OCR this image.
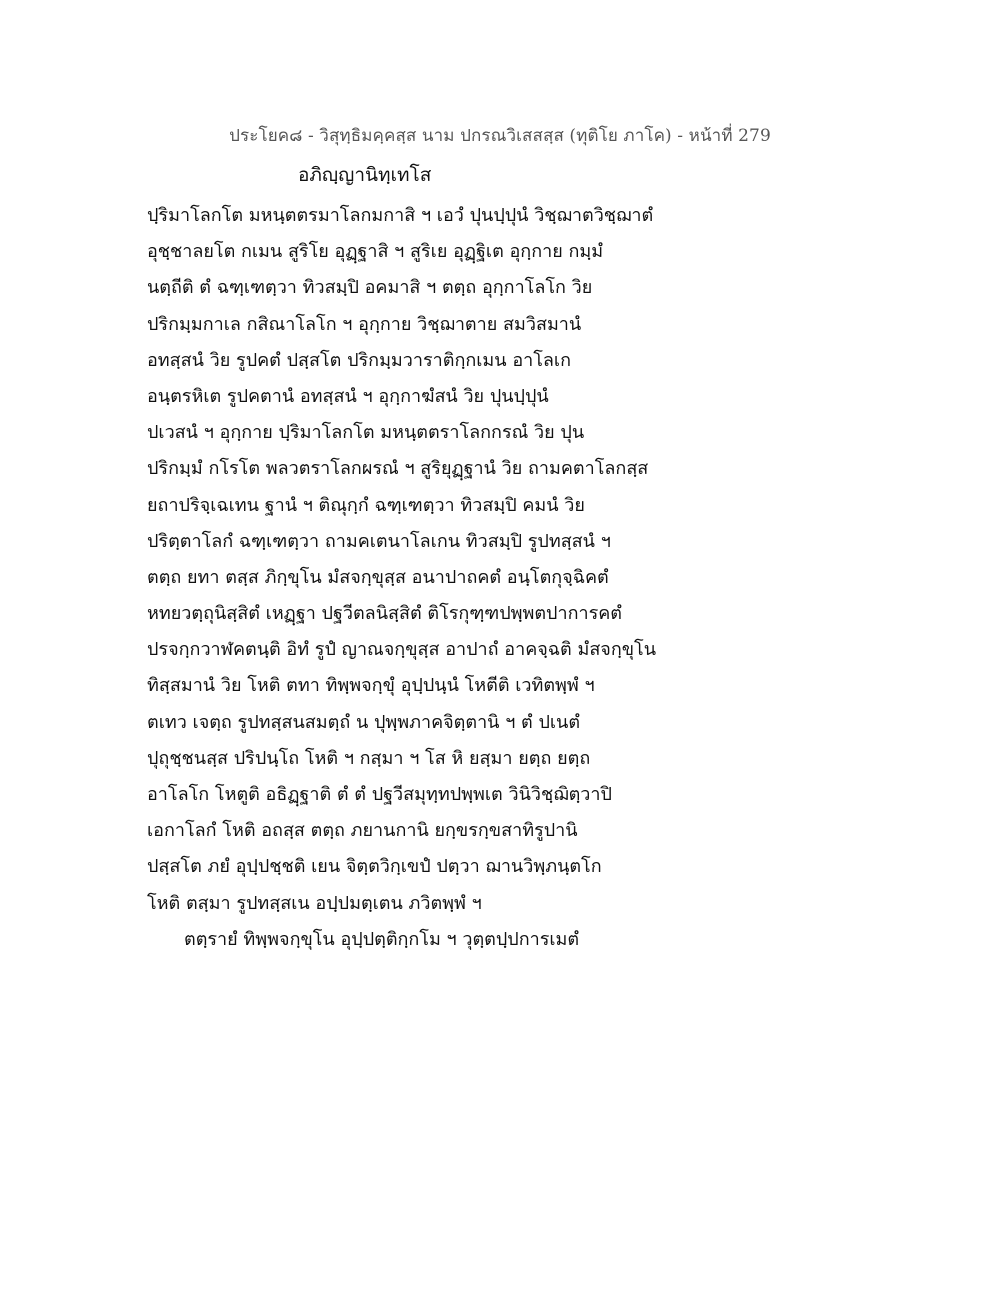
ประโยค๘ - วิสุทฺธิมคฺคสฺส นาม ปกรณวิเสสสฺส (ทุติโย ภาโค) - หน้าที่ 279
อภิญฺญานิทฺเทโส
ปฺริมาโลกโต มหนฺตตรมาโลกมกาสิ ฯ เอวํ ปุนปฺปุนํ วิชฺฌาตวิชฺฌาตํ
อุชฺชาลยโต กเมน สูริโย อุฏฺฐาสิ ฯ สูริเย อุฏฺฐิเต อุกฺกาย กมฺมํ
นตฺถีติ ตํ ฉฑฺเฑตฺวา ทิวสมฺปิ อคมาสิ ฯ ตตฺถ อุกฺกาโลโก วิย
ปริกมฺมกาเล กสิณาโลโก ฯ อุกฺกาย วิชฺฌาตาย สมวิสมานํ
อทสฺสนํ วิย รูปคตํ ปสฺสโต ปริกมฺมวาราติกฺกเมน อาโลเก
อนฺตรหิเต รูปคตานํ อทสฺสนํ ฯ อุกฺกาฆํสนํ วิย ปุนปฺปุนํ
ปเวสนํ ฯ อุกฺกาย ปฺริมาโลกโต มหนฺตตราโลกกรณํ วิย ปุน
ปริกมฺมํ กโรโต พลวตราโลกผรณํ ฯ สูริยุฏฺฐานํ วิย ถามคตาโลกสฺส
ยถาปริจฺเฉเทน ฐานํ ฯ ติณุกฺกํ ฉฑฺเฑตฺวา ทิวสมฺปิ คมนํ วิย
ปริตฺตาโลกํ ฉฑฺเฑตฺวา ถามคเตนาโลเกน ทิวสมฺปิ รูปทสฺสนํ ฯ
ตตฺถ ยทา ตสฺส ภิกฺขุโน มํสจกฺขุสฺส อนาปาถคตํ อนฺโตกุจฺฉิคตํ
หทยวตฺถุนิสฺสิตํ เหฏฺฐา ปฐวีตลนิสฺสิตํ ติโรกุฑฺฑปพฺพตปาการคตํ
ปรจกฺกวาฬคตนฺติ อิทํ รูปํ ญาณจกฺขุสฺส อาปาถํ อาคจฺฉติ มํสจกฺขุโน
ทิสฺสมานํ วิย โหติ ตทา ทิพฺพจกฺขุํ อุปฺปนฺนํ โหตีติ เวทิตพฺพํ ฯ
ตเทว เจตฺถ รูปทสฺสนสมตฺถํ น ปุพฺพภาคจิตฺตานิ ฯ ตํ ปเนตํ
ปุถุชฺชนสฺส ปริปนฺโถ โหติ ฯ กสฺมา ฯ โส หิ ยสฺมา ยตฺถ ยตฺถ
อาโลโก โหตูติ อธิฏฺฐาติ ตํ ตํ ปฐวีสมุทฺทปพฺพเต วินิวิชฺฌิตฺวาปิ
เอกาโลกํ โหติ อถสฺส ตตฺถ ภยานกานิ ยกฺขรกฺขสาทิรูปานิ
ปสฺสโต ภยํ อุปฺปชฺชติ เยน จิตฺตวิกฺเขปํ ปตฺวา ฌานวิพฺภนฺตโก
โหติ ตสฺมา รูปทสฺสเน อปฺปมตฺเตน ภวิตพฺพํ ฯ
ตตฺรายํ ทิพฺพจกฺขุโน อุปฺปตฺติกฺกโม ฯ วุตฺตปฺปการเมตํ
